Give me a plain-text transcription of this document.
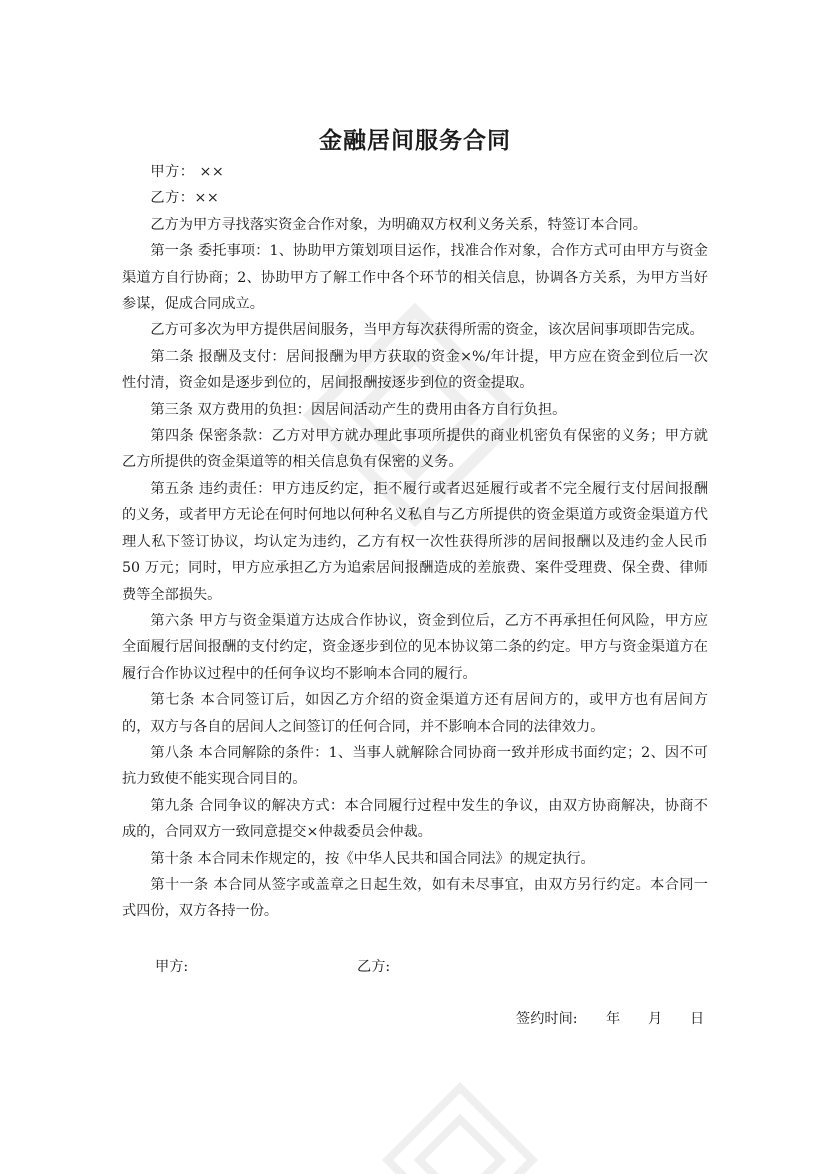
金融居间服务合同

甲方： ××

乙方：××

乙方为甲方寻找落实资金合作对象，为明确双方权利义务关系，特签订本合同。

第一条 委托事项：1、协助甲方策划项目运作，找准合作对象，合作方式可由甲方与资金渠道方自行协商；2、协助甲方了解工作中各个环节的相关信息，协调各方关系，为甲方当好参谋，促成合同成立。

乙方可多次为甲方提供居间服务，当甲方每次获得所需的资金，该次居间事项即告完成。

第二条 报酬及支付：居间报酬为甲方获取的资金×%/年计提，甲方应在资金到位后一次性付清，资金如是逐步到位的，居间报酬按逐步到位的资金提取。

第三条 双方费用的负担：因居间活动产生的费用由各方自行负担。

第四条 保密条款：乙方对甲方就办理此事项所提供的商业机密负有保密的义务；甲方就乙方所提供的资金渠道等的相关信息负有保密的义务。

第五条 违约责任：甲方违反约定，拒不履行或者迟延履行或者不完全履行支付居间报酬的义务，或者甲方无论在何时何地以何种名义私自与乙方所提供的资金渠道方或资金渠道方代理人私下签订协议，均认定为违约，乙方有权一次性获得所涉的居间报酬以及违约金人民币 50 万元；同时，甲方应承担乙方为追索居间报酬造成的差旅费、案件受理费、保全费、律师费等全部损失。

第六条 甲方与资金渠道方达成合作协议，资金到位后，乙方不再承担任何风险，甲方应全面履行居间报酬的支付约定，资金逐步到位的见本协议第二条的约定。甲方与资金渠道方在履行合作协议过程中的任何争议均不影响本合同的履行。

第七条 本合同签订后，如因乙方介绍的资金渠道方还有居间方的，或甲方也有居间方的，双方与各自的居间人之间签订的任何合同，并不影响本合同的法律效力。

第八条 本合同解除的条件：1、当事人就解除合同协商一致并形成书面约定；2、因不可抗力致使不能实现合同目的。

第九条 合同争议的解决方式：本合同履行过程中发生的争议，由双方协商解决，协商不成的，合同双方一致同意提交×仲裁委员会仲裁。

第十条 本合同未作规定的，按《中华人民共和国合同法》的规定执行。

第十一条 本合同从签字或盖章之日起生效，如有未尽事宜，由双方另行约定。本合同一式四份，双方各持一份。

甲方:	乙方:
签约时间:	年	月	日
